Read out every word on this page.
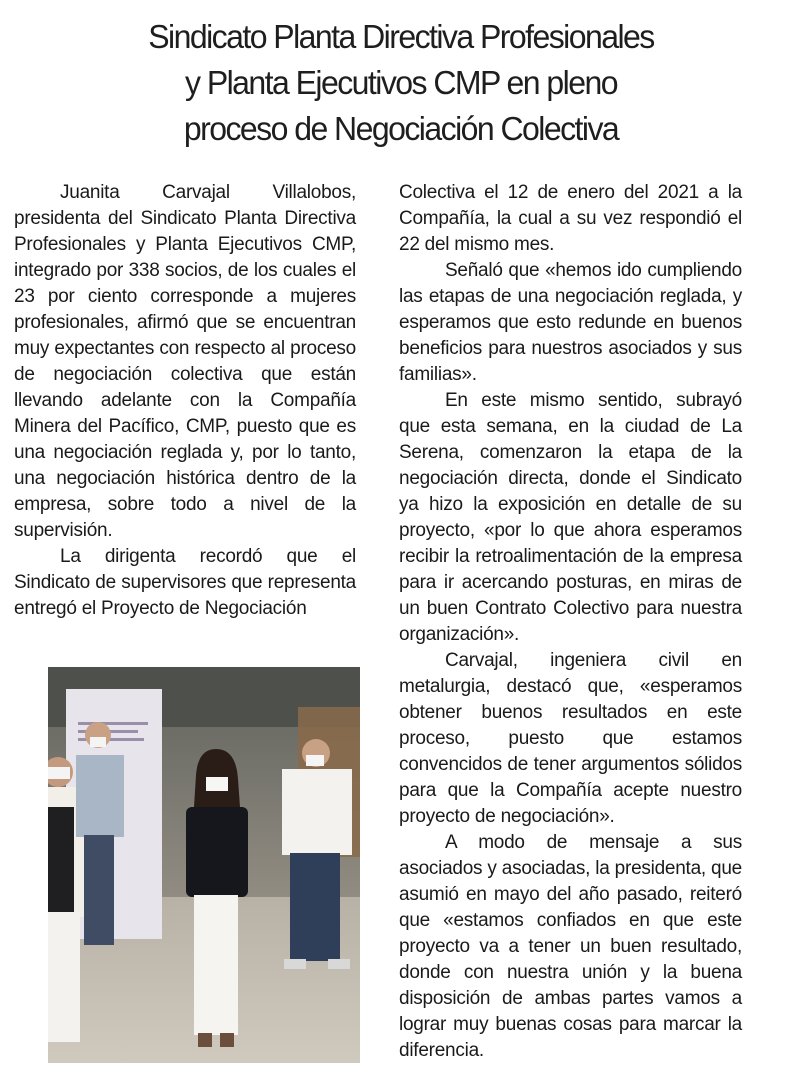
Sindicato Planta Directiva Profesionales
y Planta Ejecutivos CMP en pleno
proceso de Negociación Colectiva

Juanita Carvajal Villalobos, presidenta del Sindicato Planta Directiva Profesionales y Planta Ejecutivos CMP, integrado por 338 socios, de los cuales el 23 por ciento corresponde a mujeres profesionales, afirmó que se encuentran muy expectantes con respecto al proceso de negociación colectiva que están llevando adelante con la Compañía Minera del Pacífico, CMP, puesto que es una negociación reglada y, por lo tanto, una negociación histórica dentro de la empresa, sobre todo a nivel de la supervisión.

La dirigenta recordó que el Sindicato de supervisores que representa entregó el Proyecto de Negociación

Colectiva el 12 de enero del 2021 a la Compañía, la cual a su vez respondió el 22 del mismo mes.

Señaló que «hemos ido cumpliendo las etapas de una negociación reglada, y esperamos que esto redunde en buenos beneficios para nuestros asociados y sus familias».

En este mismo sentido, subrayó que esta semana, en la ciudad de La Serena, comenzaron la etapa de la negociación directa, donde el Sindicato ya hizo la exposición en detalle de su proyecto, «por lo que ahora esperamos recibir la retroalimentación de la empresa para ir acercando posturas, en miras de un buen Contrato Colectivo para nuestra organización».

Carvajal, ingeniera civil en metalurgia, destacó que, «esperamos obtener buenos resultados en este proceso, puesto que estamos convencidos de tener argumentos sólidos para que la Compañía acepte nuestro proyecto de negociación».

A modo de mensaje a sus asociados y asociadas, la presidenta, que asumió en mayo del año pasado, reiteró que «estamos confiados en que este proyecto va a tener un buen resultado, donde con nuestra unión y la buena disposición de ambas partes vamos a lograr muy buenas cosas para marcar la diferencia.
